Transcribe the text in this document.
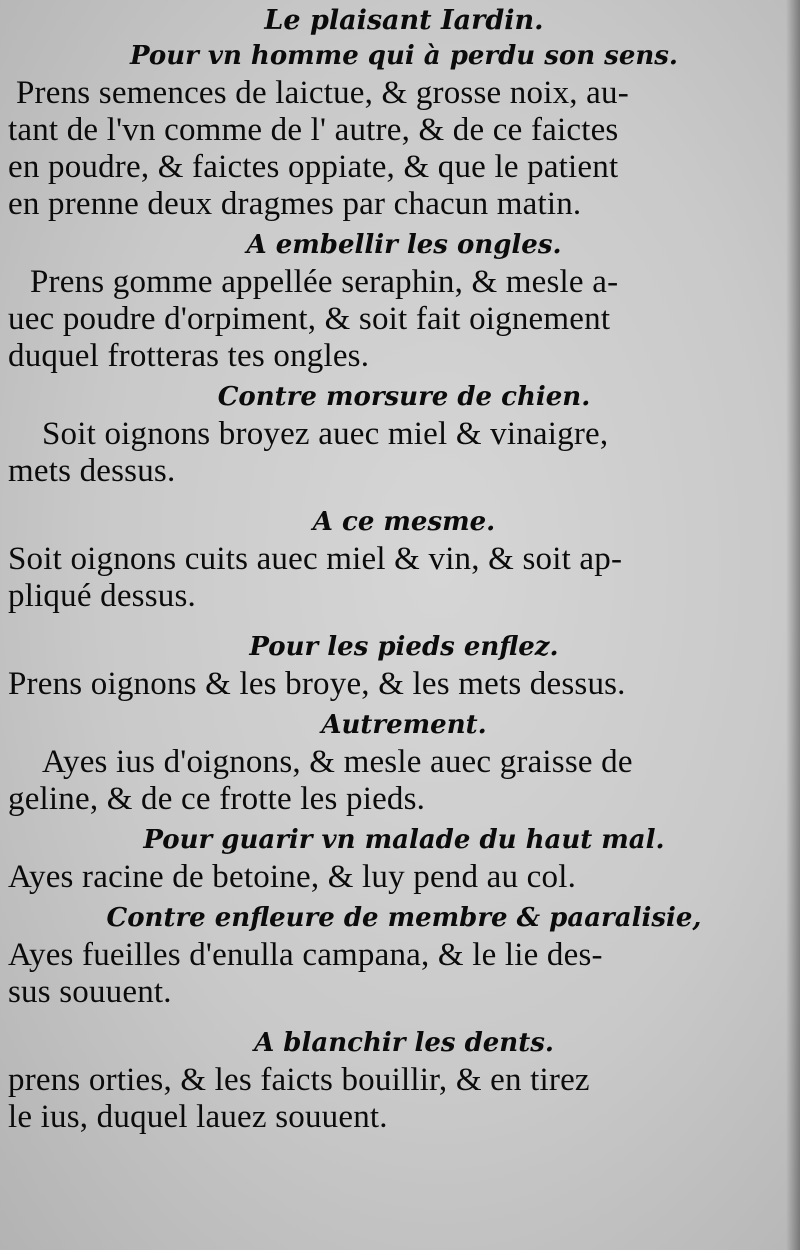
Le plaisant Iardin.
Pour vn homme qui à perdu son sens.
Prens semences de laictue, & grosse noix, au-
tant de l'vn comme de l' autre, & de ce faictes
en poudre, & faictes oppiate, & que le patient
en prenne deux dragmes par chacun matin.
A embellir les ongles.
Prens gomme appellée seraphin, & mesle a-
uec poudre d'orpiment, & soit fait oignement
duquel frotteras tes ongles.
Contre morsure de chien.
Soit oignons broyez auec miel & vinaigre,
mets dessus.
A ce mesme.
Soit oignons cuits auec miel & vin, & soit ap-
pliqué dessus.
Pour les pieds enflez.
Prens oignons & les broye, & les mets dessus.
Autrement.
Ayes ius d'oignons, & mesle auec graisse de
geline, & de ce frotte les pieds.
Pour guarir vn malade du haut mal.
Ayes racine de betoine, & luy pend au col.
Contre enfleure de membre & paaralisie,
Ayes fueilles d'enulla campana, & le lie des-
sus souuent.
A blanchir les dents.
prens orties, & les faicts bouillir, & en tirez
le ius, duquel lauez souuent.
